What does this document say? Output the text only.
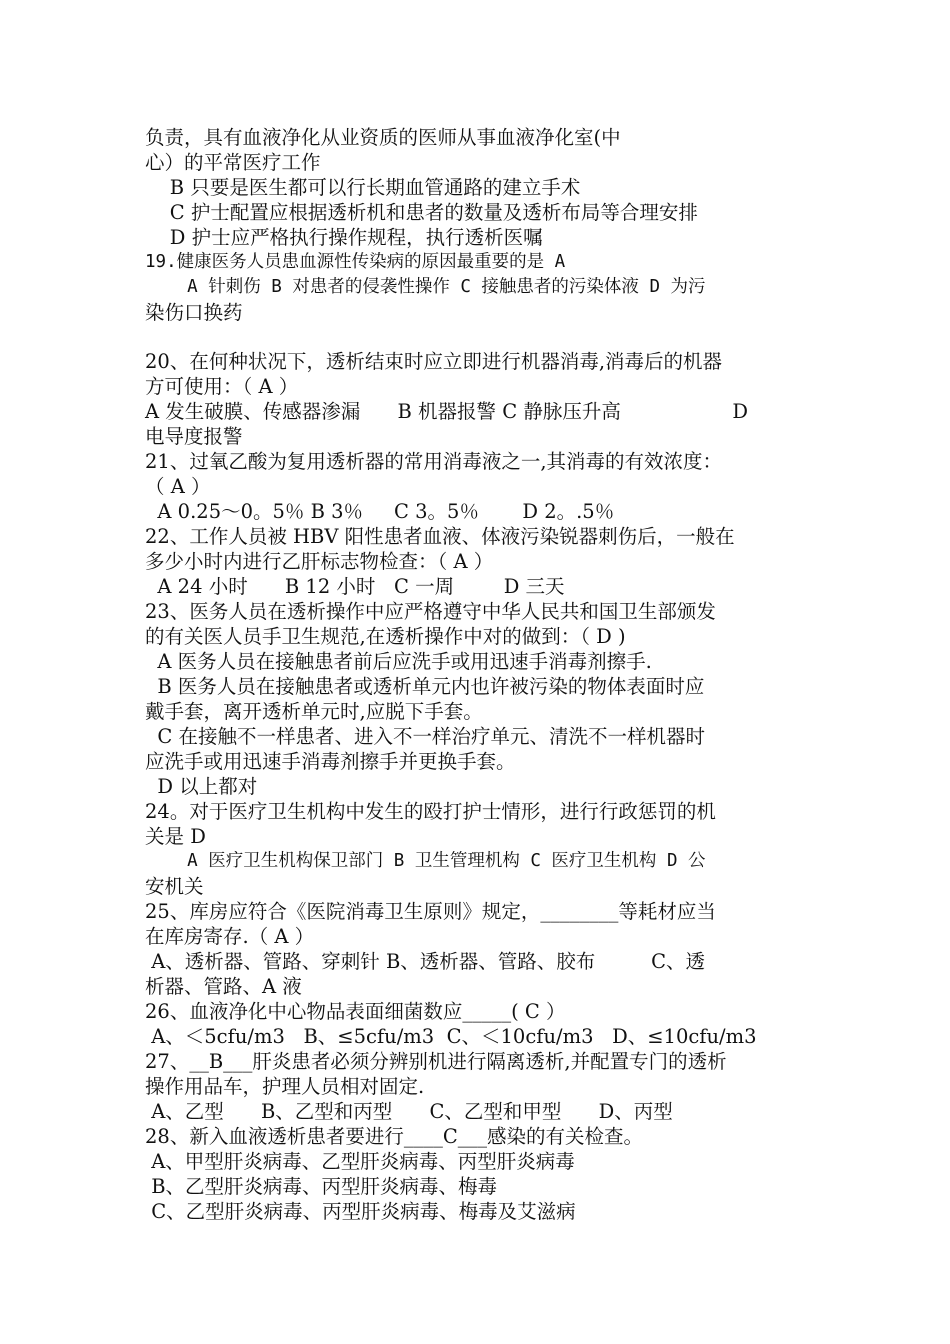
负责，具有血液净化从业资质的医师从事血液净化室(中
心）的平常医疗工作
B 只要是医生都可以行长期血管通路的建立手术
C 护士配置应根据透析机和患者的数量及透析布局等合理安排
D 护士应严格执行操作规程，执行透析医嘱
19.健康医务人员患血源性传染病的原因最重要的是 A
A 针刺伤 B 对患者的侵袭性操作 C 接触患者的污染体液 D 为污
染伤口换药
20、在何种状况下，透析结束时应立即进行机器消毒,消毒后的机器
方可使用：（ A ）
A 发生破膜、传感器渗漏      B 机器报警 C 静脉压升高                  D
电导度报警
21、过氧乙酸为复用透析器的常用消毒液之一,其消毒的有效浓度：
（ A ）
A 0.25～0。5％ B 3％     C 3。5％       D 2。.5％
22、工作人员被 HBV 阳性患者血液、体液污染锐器刺伤后，一般在
多少小时内进行乙肝标志物检查：（ A ）
A 24 小时      B 12 小时   C 一周        D 三天
23、医务人员在透析操作中应严格遵守中华人民共和国卫生部颁发
的有关医人员手卫生规范,在透析操作中对的做到：（ D )
A 医务人员在接触患者前后应洗手或用迅速手消毒剂擦手.
B 医务人员在接触患者或透析单元内也许被污染的物体表面时应
戴手套，离开透析单元时,应脱下手套。
C 在接触不一样患者、进入不一样治疗单元、清洗不一样机器时
应洗手或用迅速手消毒剂擦手并更换手套。
D 以上都对
24。对于医疗卫生机构中发生的殴打护士情形，进行行政惩罚的机
关是 D
A 医疗卫生机构保卫部门 B 卫生管理机构 C 医疗卫生机构 D 公
安机关
25、库房应符合《医院消毒卫生原则》规定，________等耗材应当
在库房寄存.（ A ）
A、透析器、管路、穿刺针 B、透析器、管路、胶布         C、透
析器、管路、A 液
26、血液净化中心物品表面细菌数应_____( C ）
A、＜5cfu/m3   B、≤5cfu/m3  C、＜10cfu/m3   D、≤10cfu/m3
27、__B___肝炎患者必须分辨别机进行隔离透析,并配置专门的透析
操作用品车，护理人员相对固定.
A、乙型      B、乙型和丙型      C、乙型和甲型      D、丙型
28、新入血液透析患者要进行____C___感染的有关检查。
A、甲型肝炎病毒、乙型肝炎病毒、丙型肝炎病毒
B、乙型肝炎病毒、丙型肝炎病毒、梅毒
C、乙型肝炎病毒、丙型肝炎病毒、梅毒及艾滋病
